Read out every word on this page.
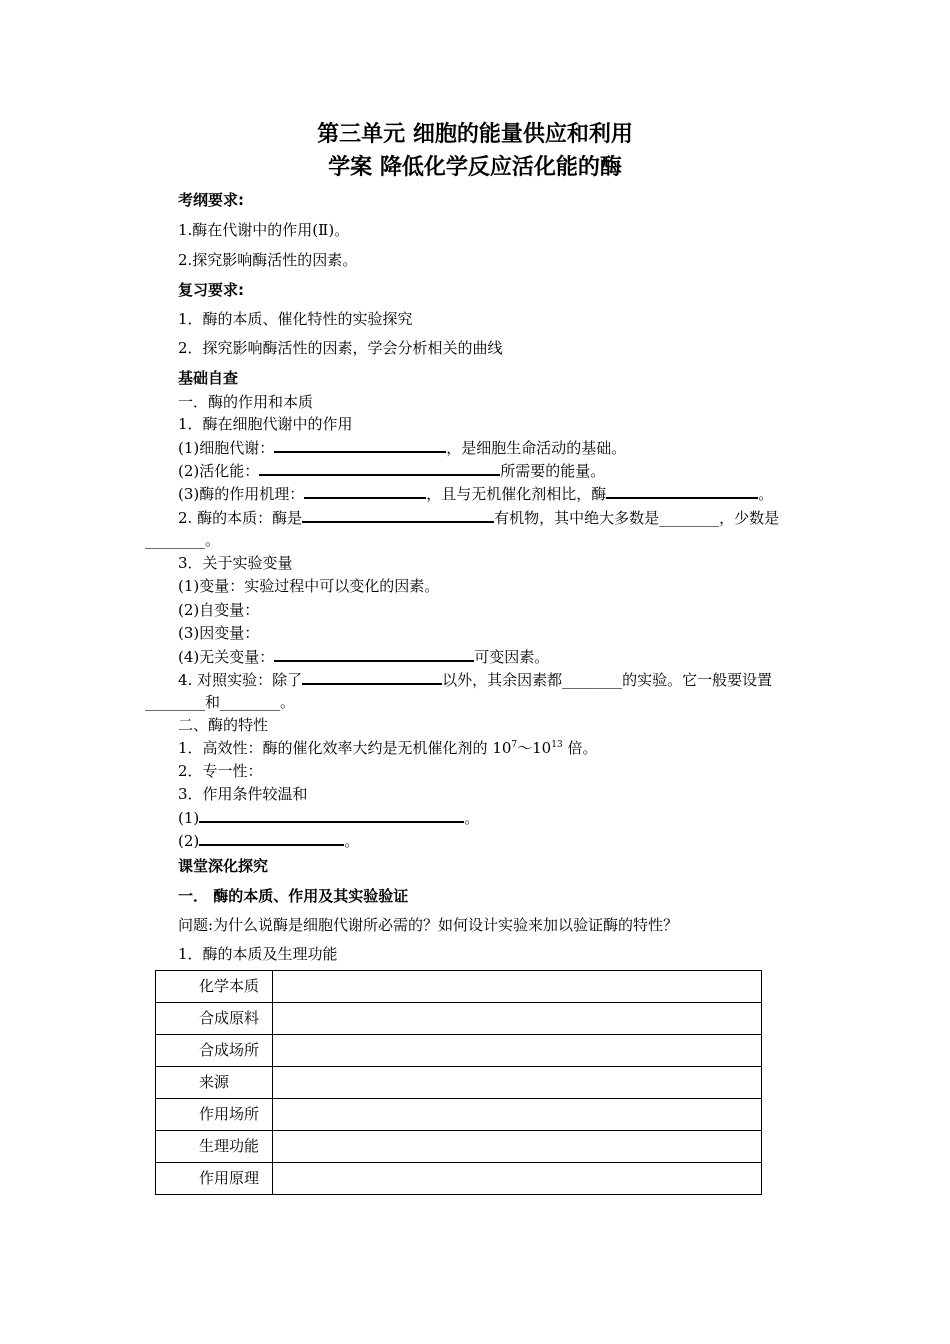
第三单元 细胞的能量供应和利用
学案 降低化学反应活化能的酶
考纲要求:
1.酶在代谢中的作用(Ⅱ)。
2.探究影响酶活性的因素。
复习要求:
1．酶的本质、催化特性的实验探究
2．探究影响酶活性的因素，学会分析相关的曲线
基础自查
一．酶的作用和本质
1．酶在细胞代谢中的作用
(1)细胞代谢：	，是细胞生命活动的基础。
(2)活化能：	所需要的能量。
(3)酶的作用机理：	，且与无机催化剂相比，酶	。
2. 酶的本质：酶是	有机物，其中绝大多数是________，少数是
________。
3．关于实验变量
(1)变量：实验过程中可以变化的因素。
(2)自变量：
(3)因变量：
(4)无关变量：	可变因素。
4. 对照实验：除了	以外，其余因素都________的实验。它一般要设置
________和________。
二、酶的特性
1．高效性：酶的催化效率大约是无机催化剂的 $10^7\sim 10^{13}$ 倍。
2．专一性：
3．作用条件较温和
(1)	。
(2)	。
课堂深化探究
一． 酶的本质、作用及其实验验证
问题:为什么说酶是细胞代谢所必需的？如何设计实验来加以验证酶的特性？
1．酶的本质及生理功能
化学本质	
合成原料	
合成场所	
来源	
作用场所	
生理功能	
作用原理	
